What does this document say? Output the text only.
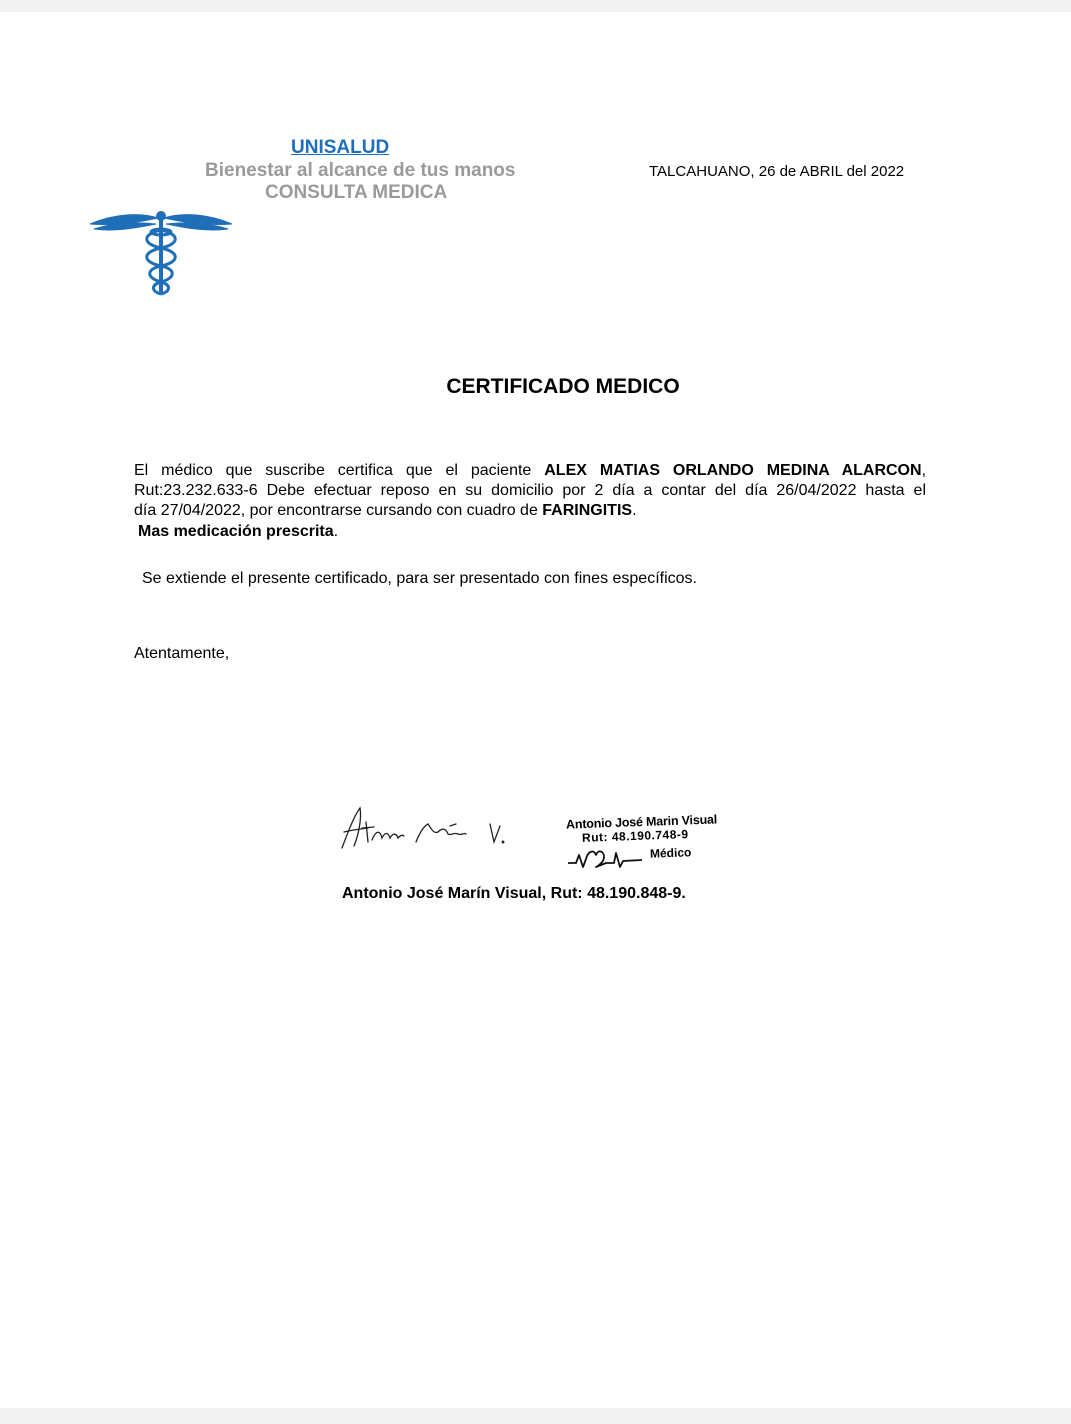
UNISALUD
Bienestar al alcance de tus manos
CONSULTA MEDICA
TALCAHUANO, 26 de ABRIL del 2022
CERTIFICADO MEDICO
El médico que suscribe certifica que el paciente ALEX MATIAS ORLANDO MEDINA ALARCON,
Rut:23.232.633-6 Debe efectuar reposo en su domicilio por 2 día a contar del día 26/04/2022 hasta el
día 27/04/2022, por encontrarse cursando con cuadro de FARINGITIS.
Mas medicación prescrita.
Se extiende el presente certificado, para ser presentado con fines específicos.
Atentamente,
Antonio José Marin Visual
Rut: 48.190.748-9
Médico
Antonio José Marín Visual, Rut: 48.190.848-9.
